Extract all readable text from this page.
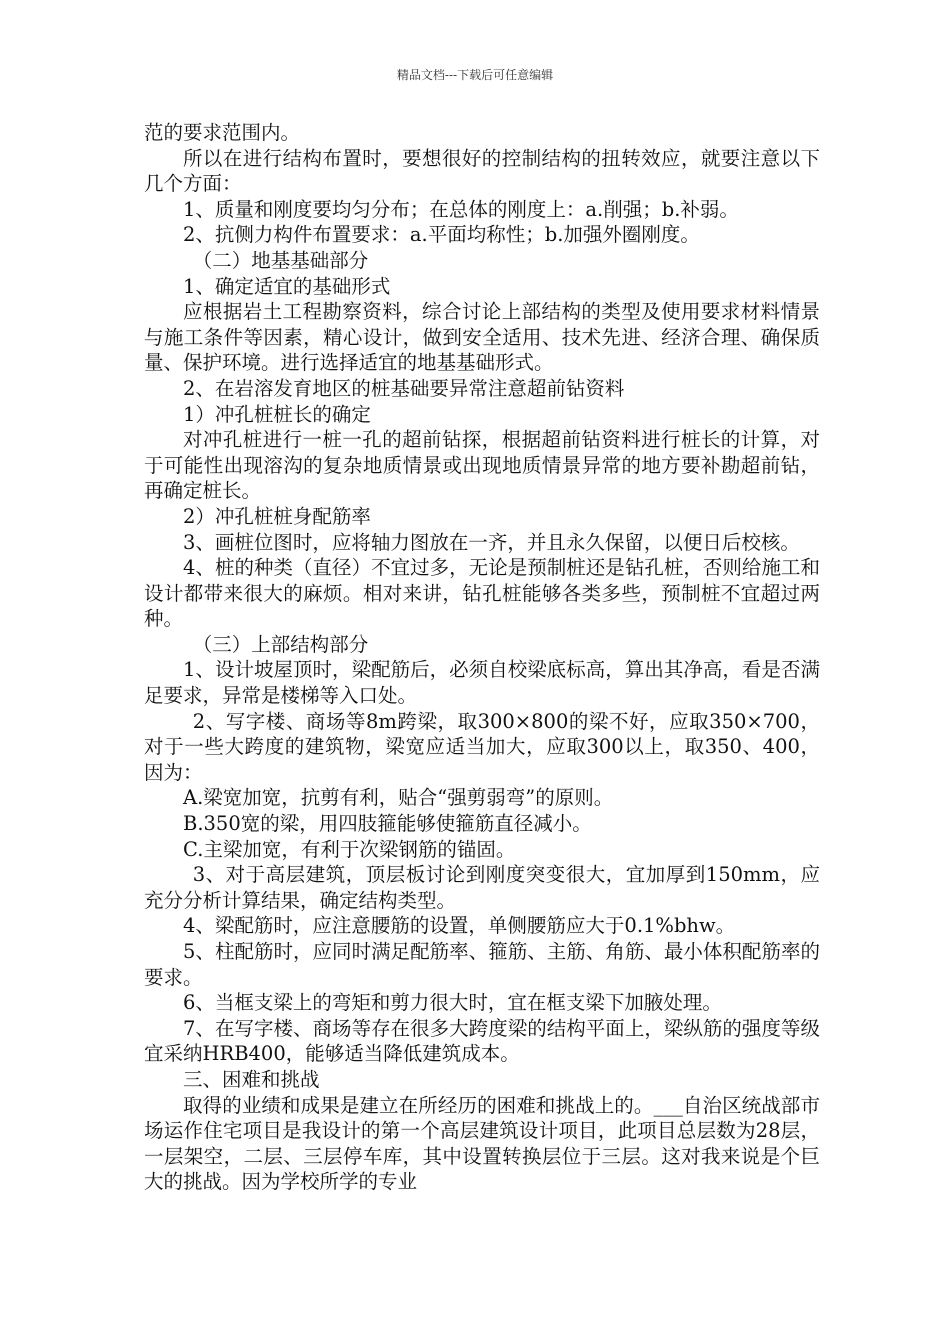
精品文档---下载后可任意编辑

范的要求范围内。

所以在进行结构布置时，要想很好的控制结构的扭转效应，就要注意以下几个方面：

1、质量和刚度要均匀分布；在总体的刚度上：a.削强；b.补弱。

2、抗侧力构件布置要求：a.平面均称性；b.加强外圈刚度。

（二）地基基础部分

1、确定适宜的基础形式

应根据岩土工程勘察资料，综合讨论上部结构的类型及使用要求材料情景与施工条件等因素，精心设计，做到安全适用、技术先进、经济合理、确保质量、保护环境。进行选择适宜的地基基础形式。

2、在岩溶发育地区的桩基础要异常注意超前钻资料

1）冲孔桩桩长的确定

对冲孔桩进行一桩一孔的超前钻探，根据超前钻资料进行桩长的计算，对于可能性出现溶沟的复杂地质情景或出现地质情景异常的地方要补勘超前钻，再确定桩长。

2）冲孔桩桩身配筋率

3、画桩位图时，应将轴力图放在一齐，并且永久保留，以便日后校核。

4、桩的种类（直径）不宜过多，无论是预制桩还是钻孔桩，否则给施工和设计都带来很大的麻烦。相对来讲，钻孔桩能够各类多些，预制桩不宜超过两种。

（三）上部结构部分

1、设计坡屋顶时，梁配筋后，必须自校梁底标高，算出其净高，看是否满足要求，异常是楼梯等入口处。

2、写字楼、商场等8m跨梁，取300×800的梁不好，应取350×700，对于一些大跨度的建筑物，梁宽应适当加大，应取300以上，取350、400，因为：

A.梁宽加宽，抗剪有利，贴合“强剪弱弯”的原则。

B.350宽的梁，用四肢箍能够使箍筋直径减小。

C.主梁加宽，有利于次梁钢筋的锚固。

3、对于高层建筑，顶层板讨论到刚度突变很大，宜加厚到150mm，应充分分析计算结果，确定结构类型。

4、梁配筋时，应注意腰筋的设置，单侧腰筋应大于0.1%bhw。

5、柱配筋时，应同时满足配筋率、箍筋、主筋、角筋、最小体积配筋率的要求。

6、当框支梁上的弯矩和剪力很大时，宜在框支梁下加腋处理。

7、在写字楼、商场等存在很多大跨度梁的结构平面上，梁纵筋的强度等级宜采纳HRB400，能够适当降低建筑成本。

三、困难和挑战

取得的业绩和成果是建立在所经历的困难和挑战上的。___自治区统战部市场运作住宅项目是我设计的第一个高层建筑设计项目，此项目总层数为28层，一层架空，二层、三层停车库，其中设置转换层位于三层。这对我来说是个巨大的挑战。因为学校所学的专业
